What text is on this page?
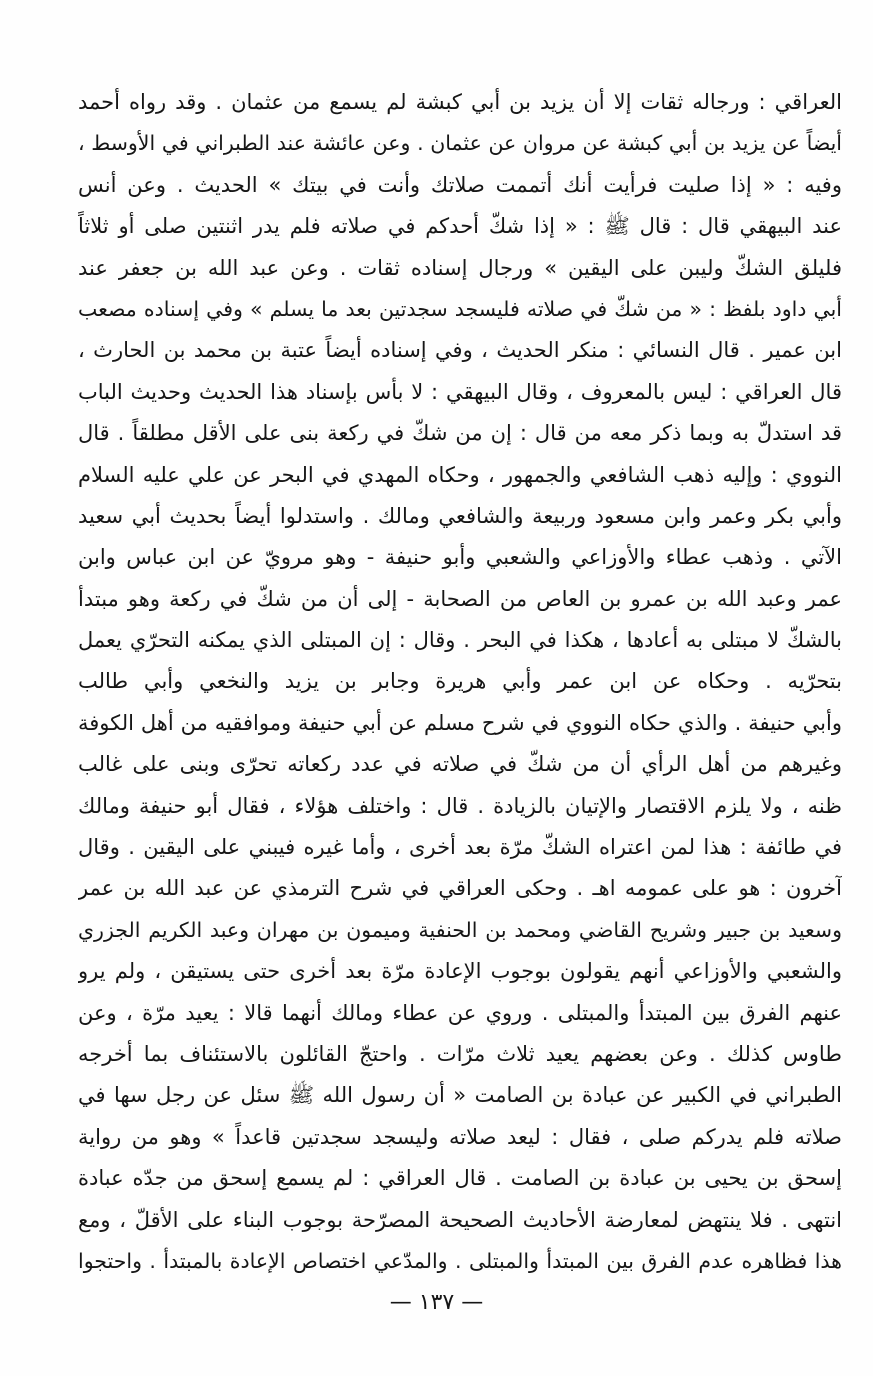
العراقي : ورجاله ثقات إلا أن يزيد بن أبي كبشة لم يسمع من عثمان . وقد رواه أحمد
أيضاً عن يزيد بن أبي كبشة عن مروان عن عثمان . وعن عائشة عند الطبراني في الأوسط ،
وفيه : « إذا صليت فرأيت أنك أتممت صلاتك وأنت في بيتك » الحديث . وعن أنس
عند البيهقي قال : قال ﷺ : « إذا شكّ أحدكم في صلاته فلم يدر اثنتين صلى أو ثلاثاً
فليلق الشكّ وليبن على اليقين » ورجال إسناده ثقات . وعن عبد الله بن جعفر عند
أبي داود بلفظ : « من شكّ في صلاته فليسجد سجدتين بعد ما يسلم » وفي إسناده مصعب
ابن عمير . قال النسائي : منكر الحديث ، وفي إسناده أيضاً عتبة بن محمد بن الحارث ،
قال العراقي : ليس بالمعروف ، وقال البيهقي : لا بأس بإسناد هذا الحديث وحديث الباب
قد استدلّ به وبما ذكر معه من قال : إن من شكّ في ركعة بنى على الأقل مطلقاً . قال
النووي : وإليه ذهب الشافعي والجمهور ، وحكاه المهدي في البحر عن علي عليه السلام
وأبي بكر وعمر وابن مسعود وربيعة والشافعي ومالك . واستدلوا أيضاً بحديث أبي سعيد
الآتي . وذهب عطاء والأوزاعي والشعبي وأبو حنيفة - وهو مرويّ عن ابن عباس وابن
عمر وعبد الله بن عمرو بن العاص من الصحابة - إلى أن من شكّ في ركعة وهو مبتدأ
بالشكّ لا مبتلى به أعادها ، هكذا في البحر . وقال : إن المبتلى الذي يمكنه التحرّي يعمل
بتحرّيه . وحكاه عن ابن عمر وأبي هريرة وجابر بن يزيد والنخعي وأبي طالب
وأبي حنيفة . والذي حكاه النووي في شرح مسلم عن أبي حنيفة وموافقيه من أهل الكوفة
وغيرهم من أهل الرأي أن من شكّ في صلاته في عدد ركعاته تحرّى وبنى على غالب
ظنه ، ولا يلزم الاقتصار والإتيان بالزيادة . قال : واختلف هؤلاء ، فقال أبو حنيفة ومالك
في طائفة : هذا لمن اعتراه الشكّ مرّة بعد أخرى ، وأما غيره فيبني على اليقين . وقال
آخرون : هو على عمومه اهـ . وحكى العراقي في شرح الترمذي عن عبد الله بن عمر
وسعيد بن جبير وشريح القاضي ومحمد بن الحنفية وميمون بن مهران وعبد الكريم الجزري
والشعبي والأوزاعي أنهم يقولون بوجوب الإعادة مرّة بعد أخرى حتى يستيقن ، ولم يرو
عنهم الفرق بين المبتدأ والمبتلى . وروي عن عطاء ومالك أنهما قالا : يعيد مرّة ، وعن
طاوس كذلك . وعن بعضهم يعيد ثلاث مرّات . واحتجّ القائلون بالاستئناف بما أخرجه
الطبراني في الكبير عن عبادة بن الصامت « أن رسول الله ﷺ سئل عن رجل سها في
صلاته فلم يدركم صلى ، فقال : ليعد صلاته وليسجد سجدتين قاعداً » وهو من رواية
إسحق بن يحيى بن عبادة بن الصامت . قال العراقي : لم يسمع إسحق من جدّه عبادة
انتهى . فلا ينتهض لمعارضة الأحاديث الصحيحة المصرّحة بوجوب البناء على الأقلّ ، ومع
هذا فظاهره عدم الفرق بين المبتدأ والمبتلى . والمدّعي اختصاص الإعادة بالمبتدأ . واحتجوا
— ١٣٧ —
